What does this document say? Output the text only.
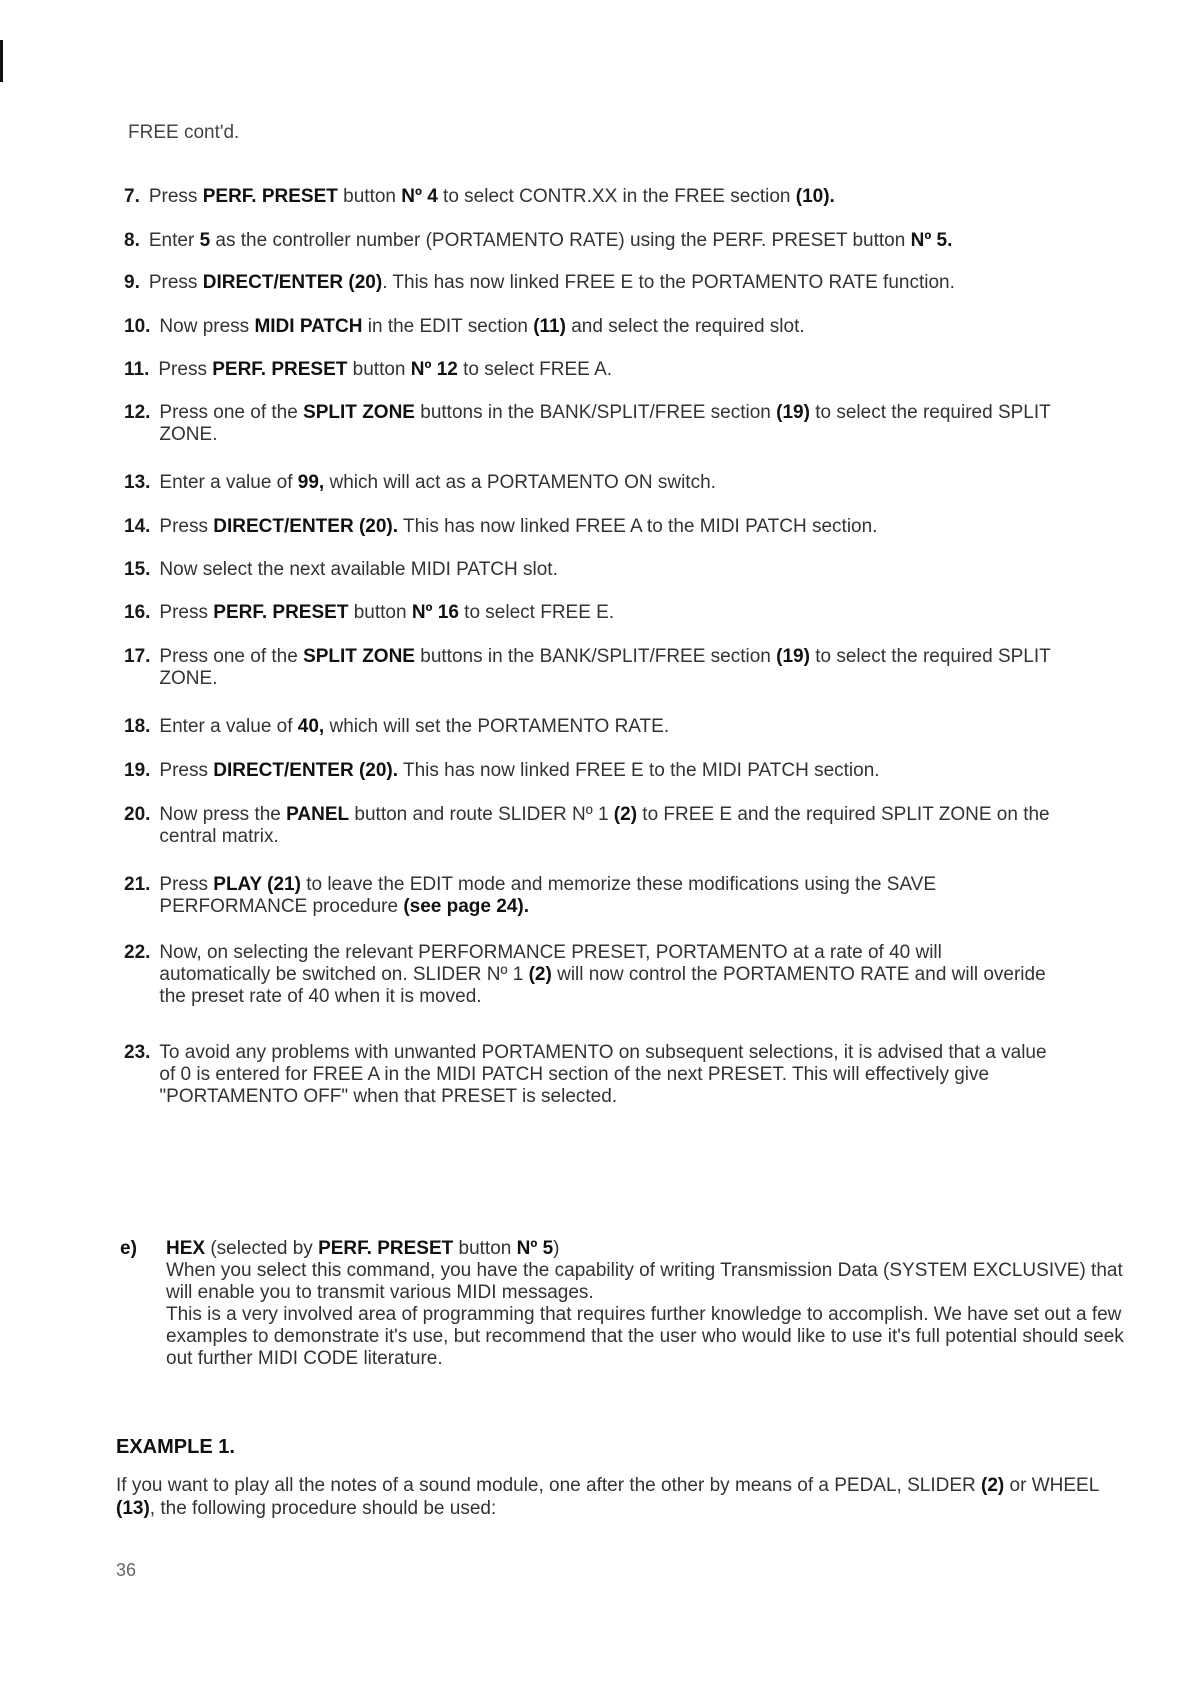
FREE cont'd.
7. Press PERF. PRESET button Nº 4 to select CONTR.XX in the FREE section (10).
8. Enter 5 as the controller number (PORTAMENTO RATE) using the PERF. PRESET button Nº 5.
9. Press DIRECT/ENTER (20). This has now linked FREE E to the PORTAMENTO RATE function.
10. Now press MIDI PATCH in the EDIT section (11) and select the required slot.
11. Press PERF. PRESET button Nº 12 to select FREE A.
12. Press one of the SPLIT ZONE buttons in the BANK/SPLIT/FREE section (19) to select the required SPLIT ZONE.
13. Enter a value of 99, which will act as a PORTAMENTO ON switch.
14. Press DIRECT/ENTER (20). This has now linked FREE A to the MIDI PATCH section.
15. Now select the next available MIDI PATCH slot.
16. Press PERF. PRESET button Nº 16 to select FREE E.
17. Press one of the SPLIT ZONE buttons in the BANK/SPLIT/FREE section (19) to select the required SPLIT ZONE.
18. Enter a value of 40, which will set the PORTAMENTO RATE.
19. Press DIRECT/ENTER (20). This has now linked FREE E to the MIDI PATCH section.
20. Now press the PANEL button and route SLIDER Nº 1 (2) to FREE E and the required SPLIT ZONE on the central matrix.
21. Press PLAY (21) to leave the EDIT mode and memorize these modifications using the SAVE PERFORMANCE procedure (see page 24).
22. Now, on selecting the relevant PERFORMANCE PRESET, PORTAMENTO at a rate of 40 will automatically be switched on. SLIDER Nº 1 (2) will now control the PORTAMENTO RATE and will overide the preset rate of 40 when it is moved.
23. To avoid any problems with unwanted PORTAMENTO on subsequent selections, it is advised that a value of 0 is entered for FREE A in the MIDI PATCH section of the next PRESET. This will effectively give "PORTAMENTO OFF" when that PRESET is selected.
e) HEX (selected by PERF. PRESET button Nº 5)
When you select this command, you have the capability of writing Transmission Data (SYSTEM EXCLUSIVE) that will enable you to transmit various MIDI messages.
This is a very involved area of programming that requires further knowledge to accomplish. We have set out a few examples to demonstrate it's use, but recommend that the user who would like to use it's full potential should seek out further MIDI CODE literature.
EXAMPLE 1.
If you want to play all the notes of a sound module, one after the other by means of a PEDAL, SLIDER (2) or WHEEL (13), the following procedure should be used:
36
